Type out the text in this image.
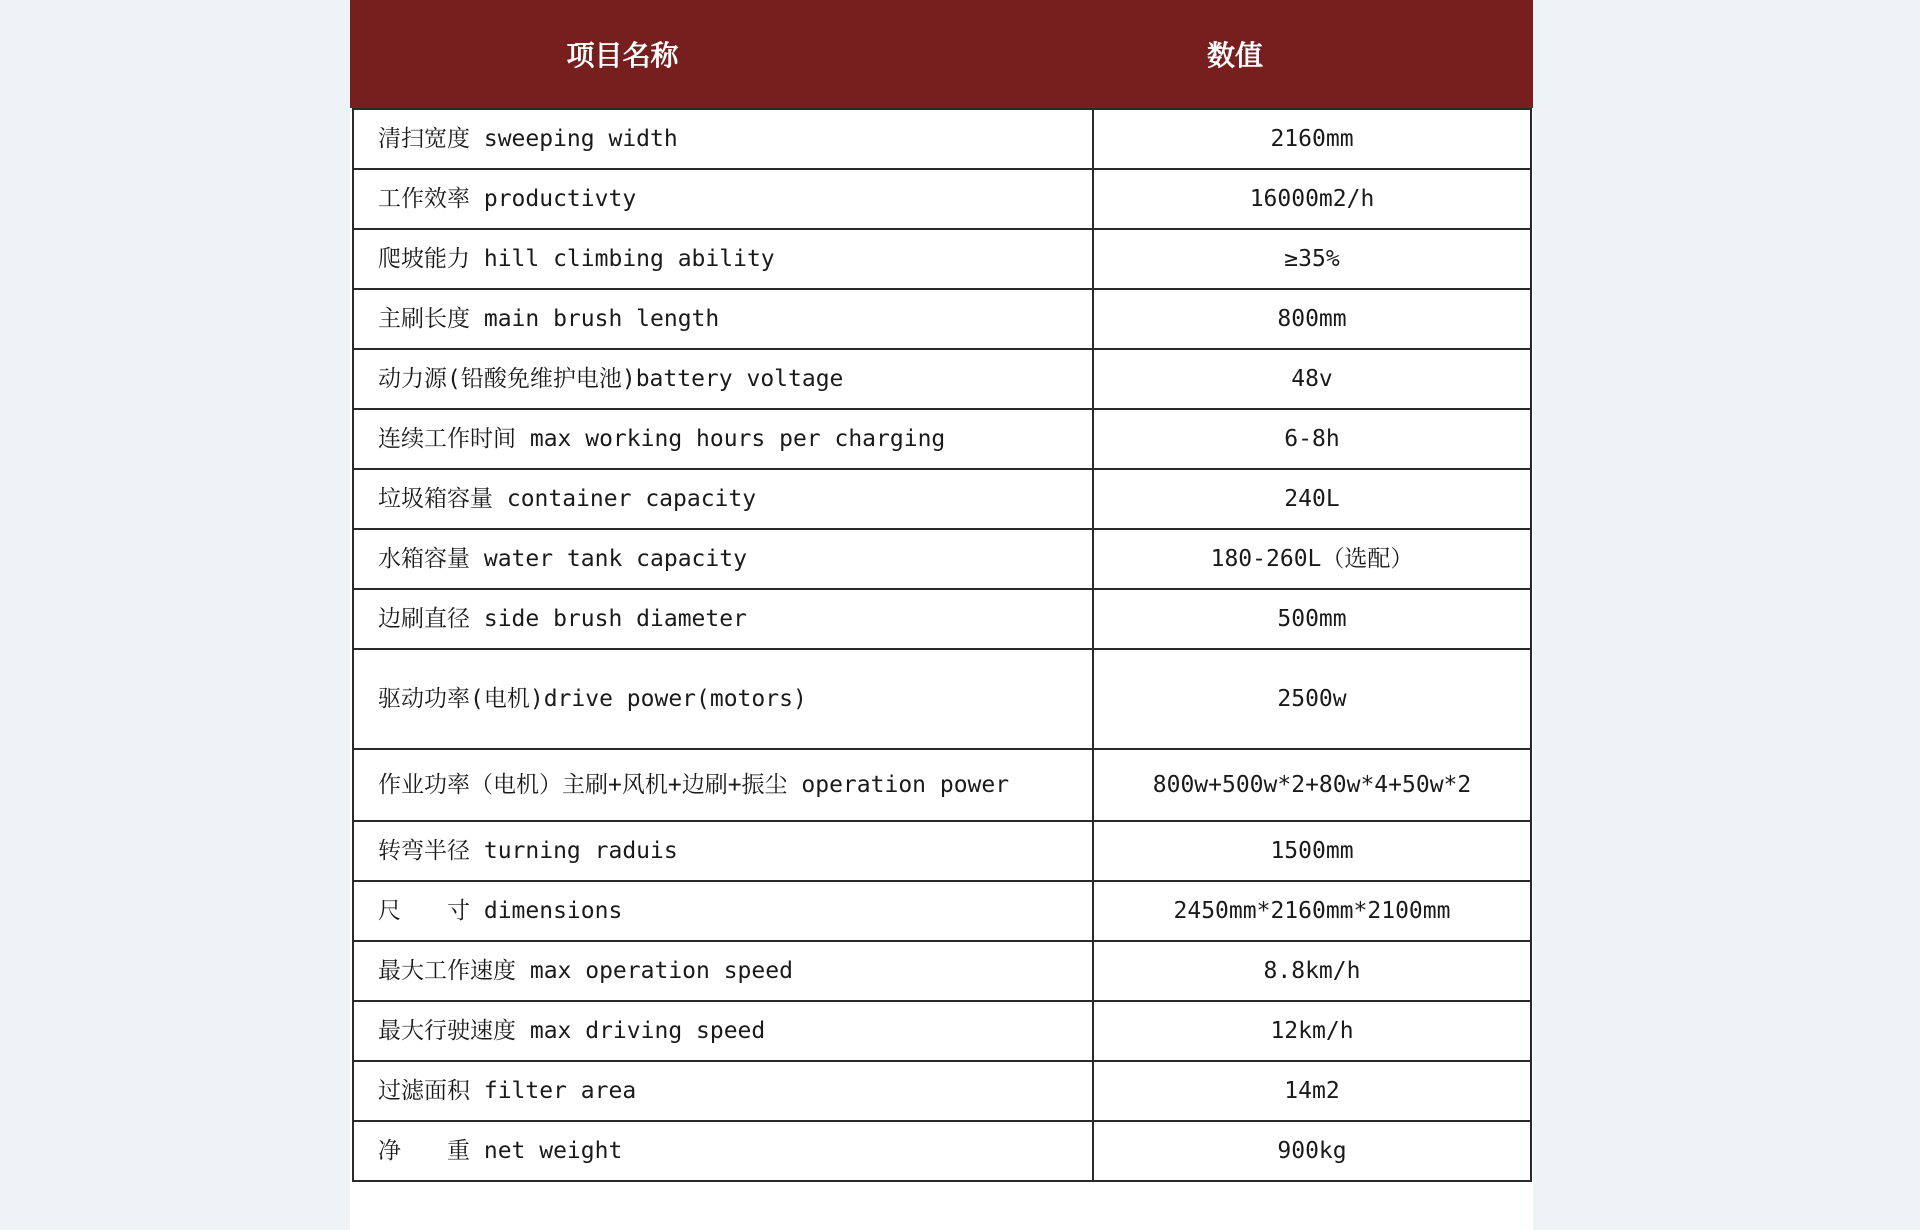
项目名称	数值
清扫宽度 sweeping width	2160mm
工作效率 productivty	16000m2/h
爬坡能力 hill climbing ability	≥35%
主刷长度 main brush length	800mm
动力源(铅酸免维护电池)battery voltage	48v
连续工作时间 max working hours per charging	6-8h
垃圾箱容量 container capacity	240L
水箱容量 water tank capacity	180-260L（选配）
边刷直径 side brush diameter	500mm
驱动功率(电机)drive power(motors)	2500w
作业功率（电机）主刷+风机+边刷+振尘 operation power	800w+500w*2+80w*4+50w*2
转弯半径 turning raduis	1500mm
尺　　寸 dimensions	2450mm*2160mm*2100mm
最大工作速度 max operation speed	8.8km/h
最大行驶速度 max driving speed	12km/h
过滤面积 filter area	14m2
净　　重 net weight	900kg
